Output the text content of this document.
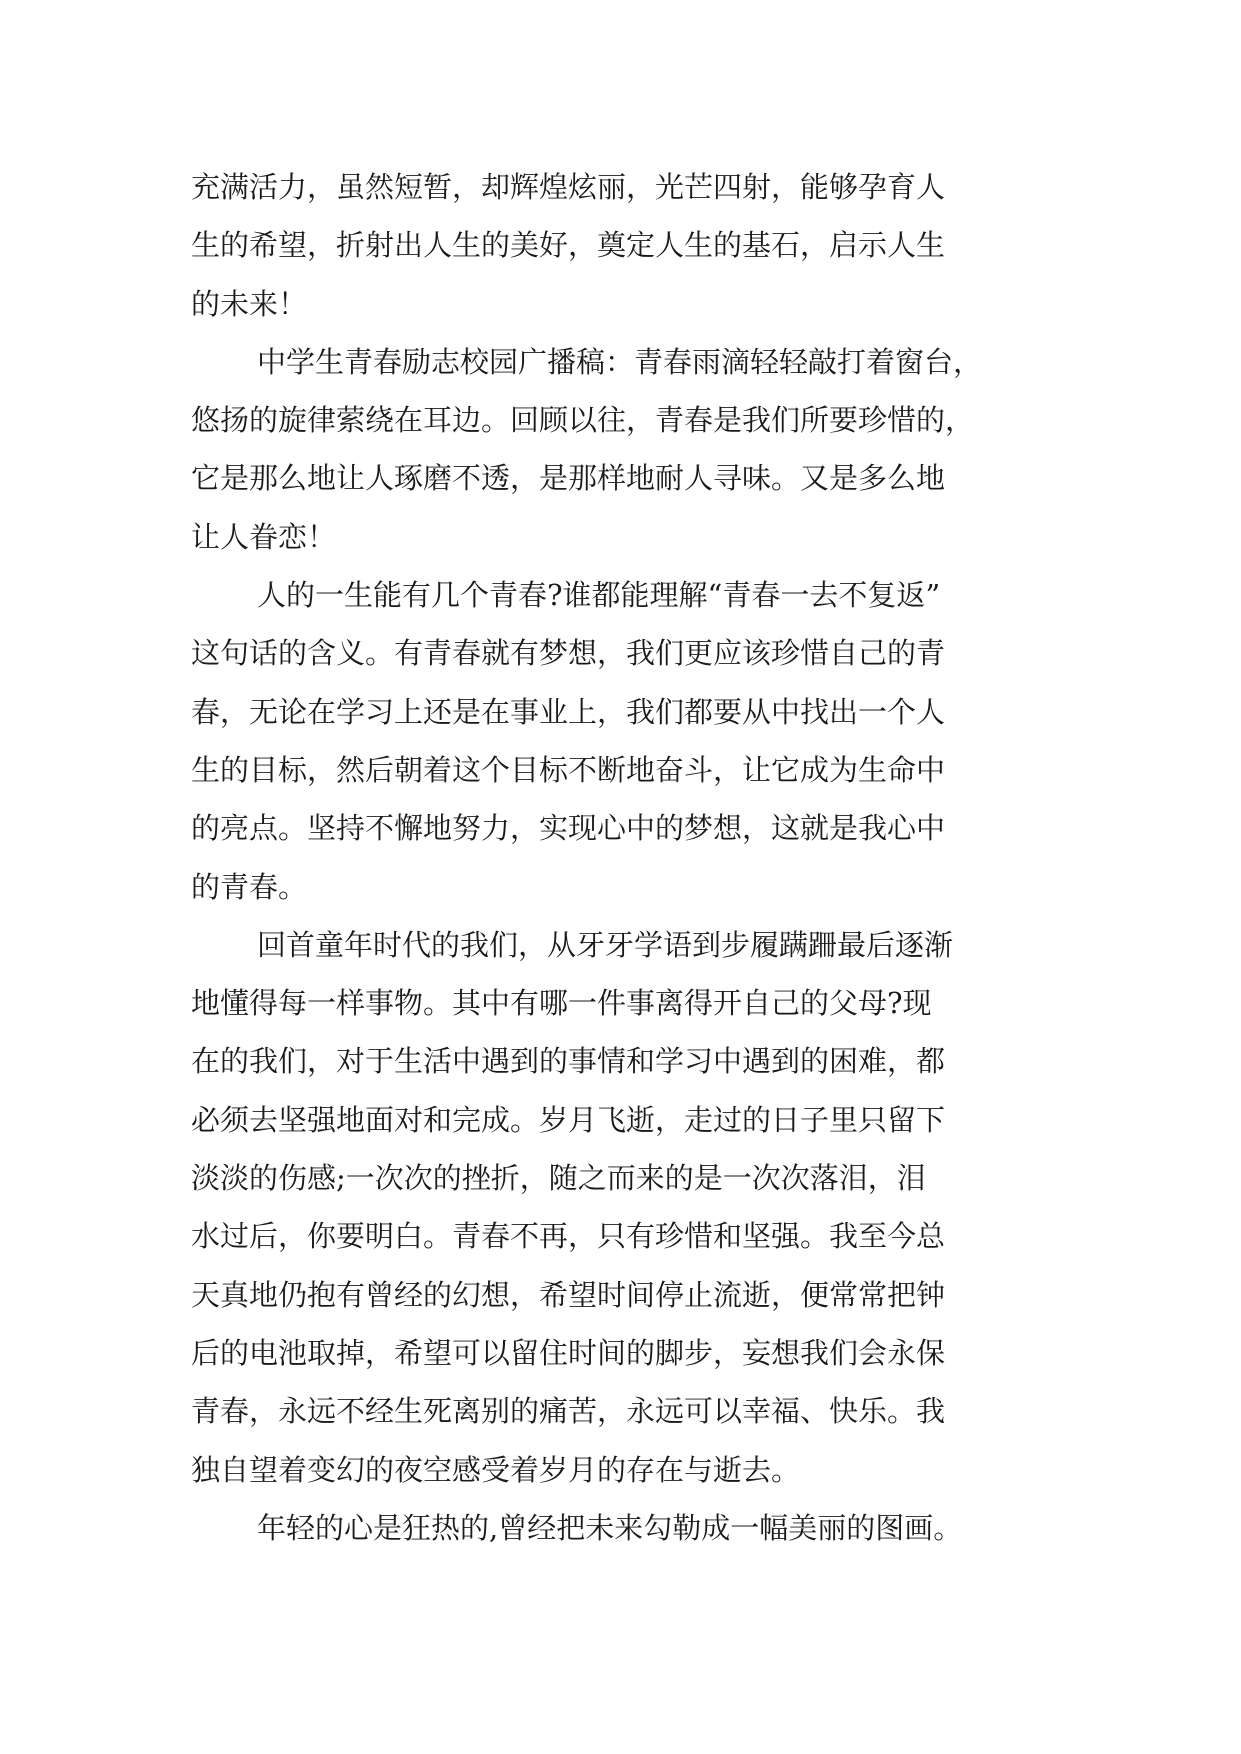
充满活力，虽然短暂，却辉煌炫丽，光芒四射，能够孕育人
生的希望，折射出人生的美好，奠定人生的基石，启示人生
的未来！
中学生青春励志校园广播稿：青春雨滴轻轻敲打着窗台，
悠扬的旋律萦绕在耳边。回顾以往，青春是我们所要珍惜的，
它是那么地让人琢磨不透，是那样地耐人寻味。又是多么地
让人眷恋！
人的一生能有几个青春?谁都能理解“青春一去不复返”
这句话的含义。有青春就有梦想，我们更应该珍惜自己的青
春，无论在学习上还是在事业上，我们都要从中找出一个人
生的目标，然后朝着这个目标不断地奋斗，让它成为生命中
的亮点。坚持不懈地努力，实现心中的梦想，这就是我心中
的青春。
回首童年时代的我们，从牙牙学语到步履蹒跚最后逐渐
地懂得每一样事物。其中有哪一件事离得开自己的父母?现
在的我们，对于生活中遇到的事情和学习中遇到的困难，都
必须去坚强地面对和完成。岁月飞逝，走过的日子里只留下
淡淡的伤感;一次次的挫折，随之而来的是一次次落泪，泪
水过后，你要明白。青春不再，只有珍惜和坚强。我至今总
天真地仍抱有曾经的幻想，希望时间停止流逝，便常常把钟
后的电池取掉，希望可以留住时间的脚步，妄想我们会永保
青春，永远不经生死离别的痛苦，永远可以幸福、快乐。我
独自望着变幻的夜空感受着岁月的存在与逝去。
年轻的心是狂热的,曾经把未来勾勒成一幅美丽的图画。
